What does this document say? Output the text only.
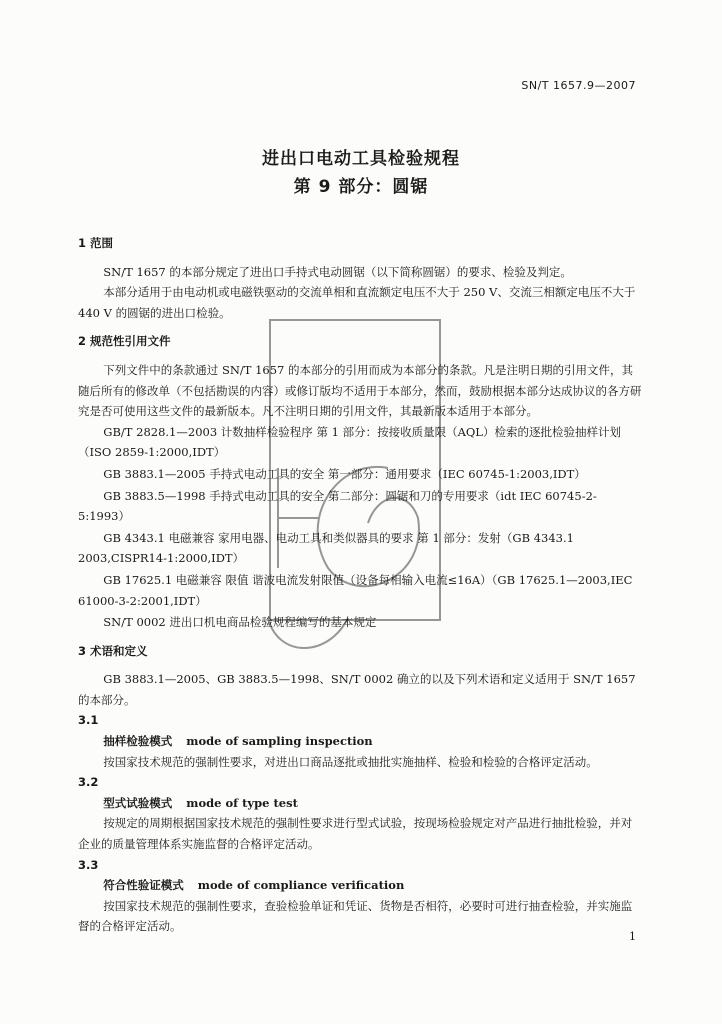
SN/T 1657.9—2007
进出口电动工具检验规程
第 9 部分：圆锯

1 范围

SN/T 1657 的本部分规定了进出口手持式电动圆锯（以下简称圆锯）的要求、检验及判定。

本部分适用于由电动机或电磁铁驱动的交流单相和直流额定电压不大于 250 V、交流三相额定电压不大于 440 V 的圆锯的进出口检验。

2 规范性引用文件

下列文件中的条款通过 SN/T 1657 的本部分的引用而成为本部分的条款。凡是注明日期的引用文件，其随后所有的修改单（不包括勘误的内容）或修订版均不适用于本部分，然而，鼓励根据本部分达成协议的各方研究是否可使用这些文件的最新版本。凡不注明日期的引用文件，其最新版本适用于本部分。

GB/T 2828.1—2003 计数抽样检验程序 第 1 部分：按接收质量限（AQL）检索的逐批检验抽样计划（ISO 2859-1:2000,IDT）

GB 3883.1—2005 手持式电动工具的安全 第一部分：通用要求（IEC 60745-1:2003,IDT）

GB 3883.5—1998 手持式电动工具的安全 第二部分：圆锯和刀的专用要求（idt IEC 60745-2-5:1993）

GB 4343.1 电磁兼容 家用电器、电动工具和类似器具的要求 第 1 部分：发射（GB 4343.1 2003,CISPR14-1:2000,IDT）

GB 17625.1 电磁兼容 限值 谐波电流发射限值（设备每相输入电流≤16A）（GB 17625.1—2003,IEC 61000-3-2:2001,IDT）

SN/T 0002 进出口机电商品检验规程编写的基本规定

3 术语和定义

GB 3883.1—2005、GB 3883.5—1998、SN/T 0002 确立的以及下列术语和定义适用于 SN/T 1657 的本部分。

3.1

抽样检验模式 mode of sampling inspection

按国家技术规范的强制性要求，对进出口商品逐批或抽批实施抽样、检验和检验的合格评定活动。

3.2

型式试验模式 mode of type test

按规定的周期根据国家技术规范的强制性要求进行型式试验，按现场检验规定对产品进行抽批检验，并对企业的质量管理体系实施监督的合格评定活动。

3.3

符合性验证模式 mode of compliance verification

按国家技术规范的强制性要求，查验检验单证和凭证、货物是否相符，必要时可进行抽查检验，并实施监督的合格评定活动。

1
